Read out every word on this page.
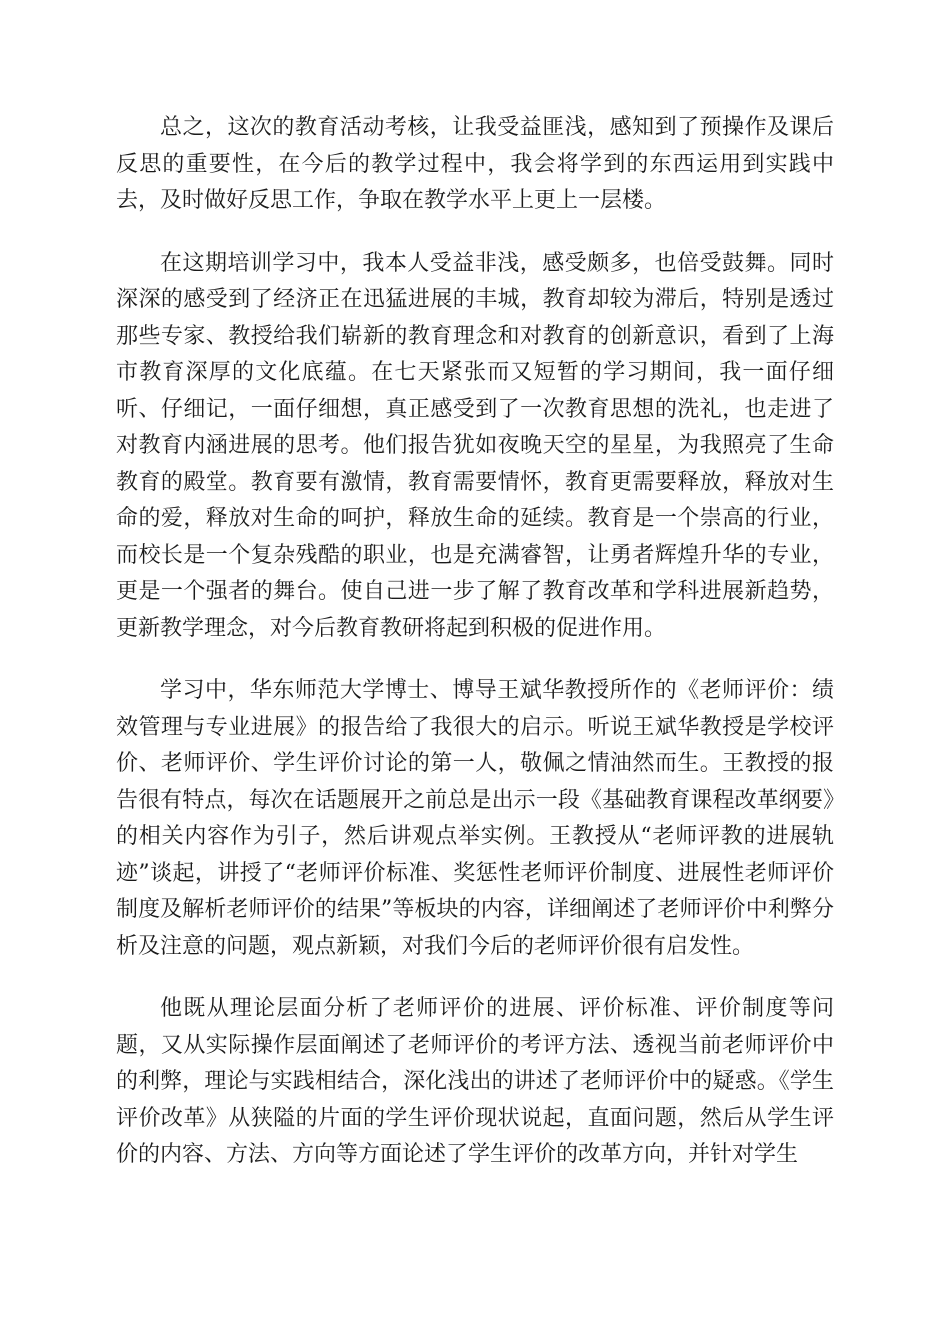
总之，这次的教育活动考核，让我受益匪浅，感知到了预操作及课后反思的重要性，在今后的教学过程中，我会将学到的东西运用到实践中去，及时做好反思工作，争取在教学水平上更上一层楼。

在这期培训学习中，我本人受益非浅，感受颇多，也倍受鼓舞。同时深深的感受到了经济正在迅猛进展的丰城，教育却较为滞后，特别是透过那些专家、教授给我们崭新的教育理念和对教育的创新意识，看到了上海市教育深厚的文化底蕴。在七天紧张而又短暂的学习期间，我一面仔细听、仔细记，一面仔细想，真正感受到了一次教育思想的洗礼，也走进了对教育内涵进展的思考。他们报告犹如夜晚天空的星星，为我照亮了生命教育的殿堂。教育要有激情，教育需要情怀，教育更需要释放，释放对生命的爱，释放对生命的呵护，释放生命的延续。教育是一个崇高的行业，而校长是一个复杂残酷的职业，也是充满睿智，让勇者辉煌升华的专业，更是一个强者的舞台。使自己进一步了解了教育改革和学科进展新趋势，更新教学理念，对今后教育教研将起到积极的促进作用。

学习中，华东师范大学博士、博导王斌华教授所作的《老师评价：绩效管理与专业进展》的报告给了我很大的启示。听说王斌华教授是学校评价、老师评价、学生评价讨论的第一人，敬佩之情油然而生。王教授的报告很有特点，每次在话题展开之前总是出示一段《基础教育课程改革纲要》的相关内容作为引子，然后讲观点举实例。王教授从“老师评教的进展轨迹”谈起，讲授了“老师评价标准、奖惩性老师评价制度、进展性老师评价制度及解析老师评价的结果”等板块的内容，详细阐述了老师评价中利弊分析及注意的问题，观点新颖，对我们今后的老师评价很有启发性。

他既从理论层面分析了老师评价的进展、评价标准、评价制度等问题，又从实际操作层面阐述了老师评价的考评方法、透视当前老师评价中的利弊，理论与实践相结合，深化浅出的讲述了老师评价中的疑惑。《学生评价改革》从狭隘的片面的学生评价现状说起，直面问题，然后从学生评价的内容、方法、方向等方面论述了学生评价的改革方向，并针对学生
